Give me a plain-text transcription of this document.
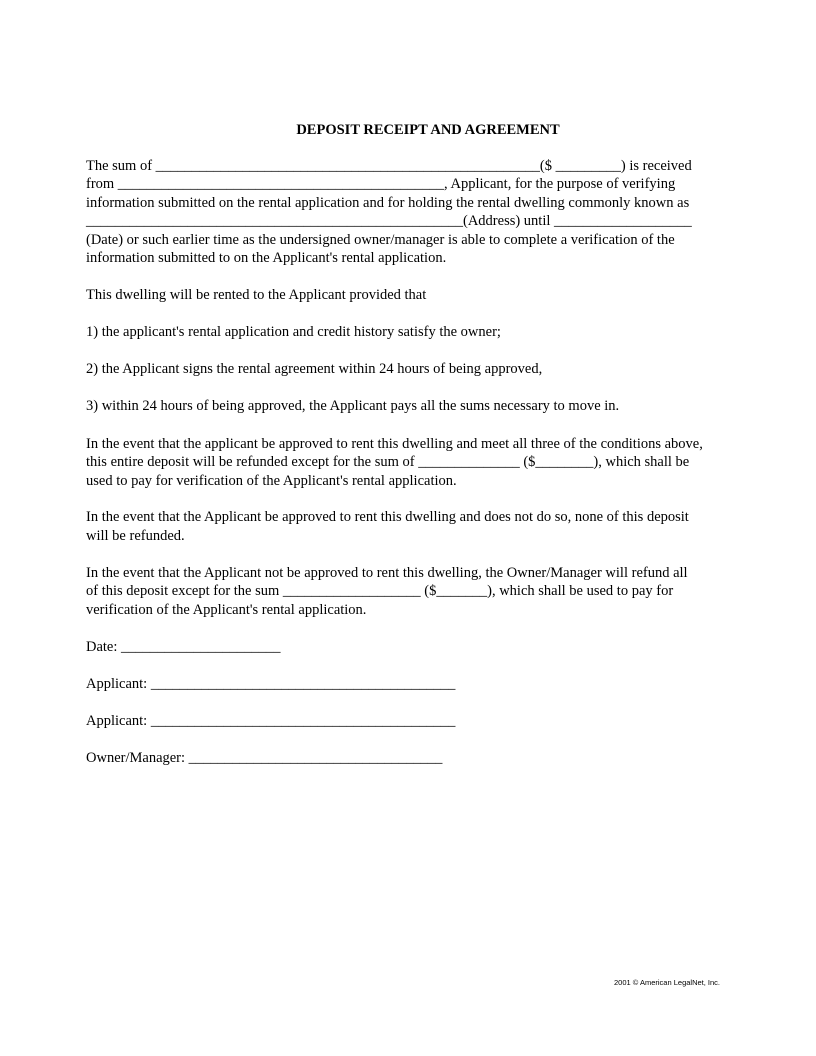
DEPOSIT RECEIPT AND AGREEMENT
The sum of _____________________________________________________($ _________) is received
from _____________________________________________, Applicant, for the purpose of verifying
information submitted on the rental application and for holding the rental dwelling commonly known as
____________________________________________________(Address) until ___________________
(Date) or such earlier time as the undersigned owner/manager is able to complete a verification of the
information submitted to on the Applicant's rental application.
This dwelling will be rented to the Applicant provided that
1) the applicant's rental application and credit history satisfy the owner;
2) the Applicant signs the rental agreement within 24 hours of being approved,
3) within 24 hours of being approved, the Applicant pays all the sums necessary to move in.
In the event that the applicant be approved to rent this dwelling and meet all three of the conditions above,
this entire deposit will be refunded except for the sum of ______________ ($________), which shall be
used to pay for verification of the Applicant's rental application.
In the event that the Applicant be approved to rent this dwelling and does not do so, none of this deposit
will be refunded.
In the event that the Applicant not be approved to rent this dwelling, the Owner/Manager will refund all
of this deposit except for the sum ___________________ ($_______), which shall be used to pay for
verification of the Applicant's rental application.
Date: ______________________
Applicant: __________________________________________
Applicant: __________________________________________
Owner/Manager: ___________________________________
2001 © American LegalNet, Inc.
